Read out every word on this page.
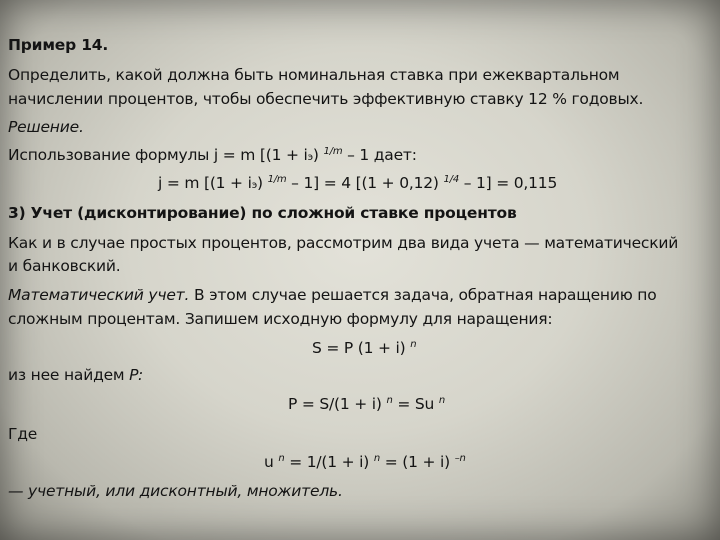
Пример 14.
Определить, какой должна быть номинальная ставка при ежеквартальном
начислении процентов, чтобы обеспечить эффективную ставку 12 % годовых.
Решение.
Использование формулы j = m [(1 + iэ) $^{1/m}$ – 1 дает:
j = m [(1 + iэ) $^{1/m}$ – 1] = 4 [(1 + 0,12) $^{1/4}$ – 1] = 0,115
3) Учет (дисконтирование) по сложной ставке процентов
Как и в случае простых процентов, рассмотрим два вида учета — математический
и банковский.
Математический учет. В этом случае решается задача, обратная наращению по
сложным процентам. Запишем исходную формулу для наращения:
S = P (1 + i) $^n$
из нее найдем P:
P = S/(1 + i) $^n$ = Su $^n$
Где
u $^n$ = 1/(1 + i) $^n$ = (1 + i) $^{-n}$
— учетный, или дисконтный, множитель.
